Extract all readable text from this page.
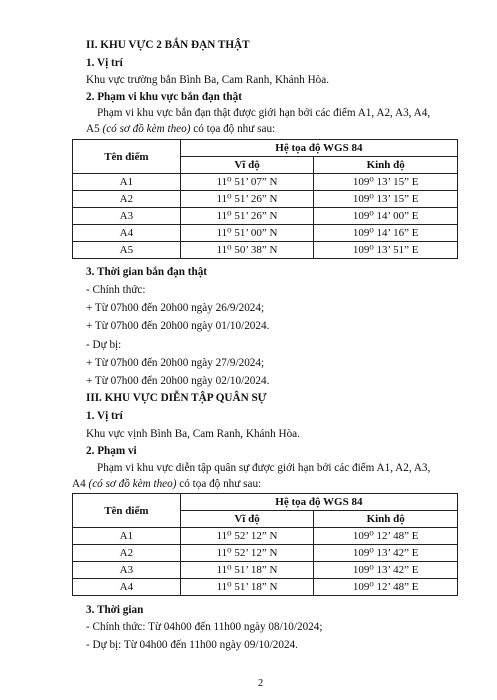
II. KHU VỰC 2 BẮN ĐẠN THẬT
1. Vị trí
Khu vực trường bắn Bình Ba, Cam Ranh, Khánh Hòa.
2. Phạm vi khu vực bắn đạn thật
Phạm vi khu vực bắn đạn thật được giới hạn bởi các điểm A1, A2, A3, A4,
A5 (có sơ đồ kèm theo) có tọa độ như sau:
Tên điểm	Hệ tọa độ WGS 84	
	Vĩ độ	Kinh độ
A1	11⁰ 51’ 07” N	109⁰ 13’ 15” E
A2	11⁰ 51’ 26” N	109⁰ 13’ 15” E
A3	11⁰ 51’ 26” N	109⁰ 14’ 00” E
A4	11⁰ 51’ 00” N	109⁰ 14’ 16” E
A5	11⁰ 50’ 38” N	109⁰ 13’ 51” E
3. Thời gian bắn đạn thật
- Chính thức:
+ Từ 07h00 đến 20h00 ngày 26/9/2024;
+ Từ 07h00 đến 20h00 ngày 01/10/2024.
- Dự bị:
+ Từ 07h00 đến 20h00 ngày 27/9/2024;
+ Từ 07h00 đến 20h00 ngày 02/10/2024.
III. KHU VỰC DIỄN TẬP QUÂN SỰ
1. Vị trí
Khu vực vịnh Bình Ba, Cam Ranh, Khánh Hòa.
2. Phạm vi
Phạm vi khu vực diễn tập quân sự được giới hạn bởi các điểm A1, A2, A3,
A4 (có sơ đồ kèm theo) có tọa độ như sau:
Tên điểm	Hệ tọa độ WGS 84	
	Vĩ độ	Kinh độ
A1	11⁰ 52’ 12” N	109⁰ 12’ 48” E
A2	11⁰ 52’ 12” N	109⁰ 13’ 42” E
A3	11⁰ 51’ 18” N	109⁰ 13’ 42” E
A4	11⁰ 51’ 18” N	109⁰ 12’ 48” E
3. Thời gian
- Chính thức: Từ 04h00 đến 11h00 ngày 08/10/2024;
- Dự bị: Từ 04h00 đến 11h00 ngày 09/10/2024.
2
